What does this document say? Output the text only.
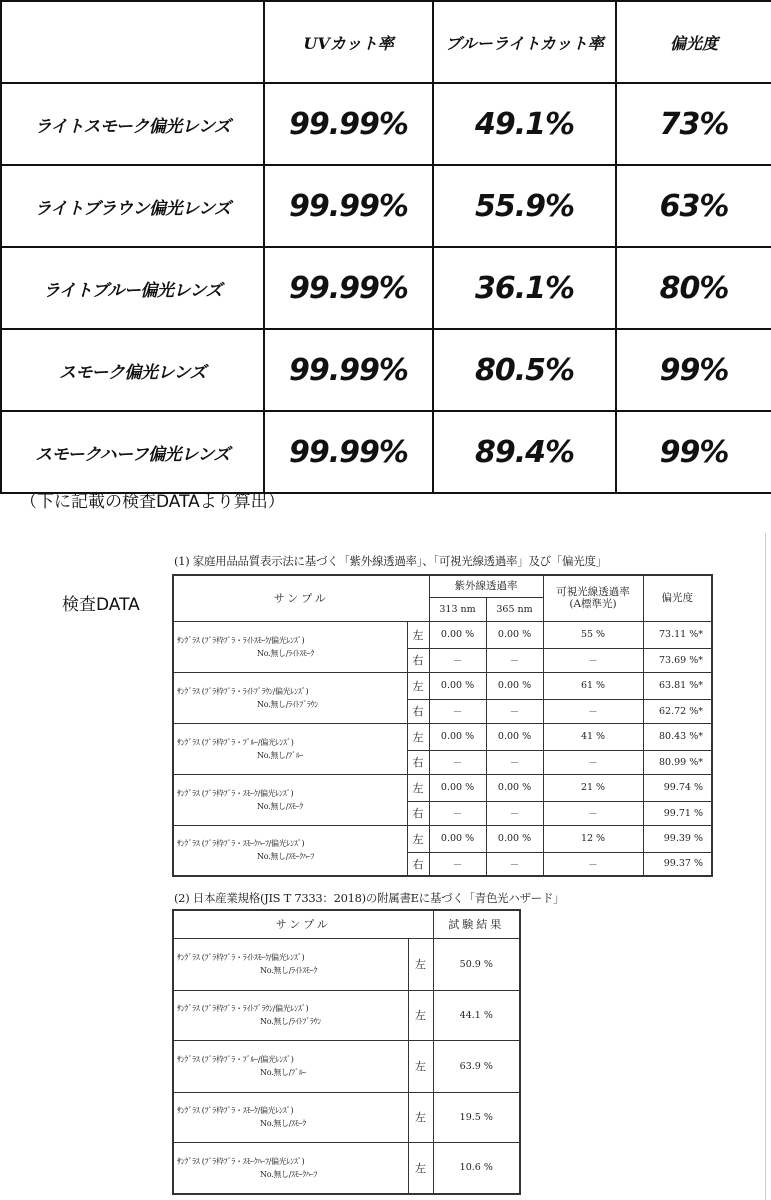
	UVカット率	ブルーライトカット率	偏光度
ライトスモーク偏光レンズ	99.99%	49.1%	73%
ライトブラウン偏光レンズ	99.99%	55.9%	63%
ライトブルー偏光レンズ	99.99%	36.1%	80%
スモーク偏光レンズ	99.99%	80.5%	99%
スモークハーフ偏光レンズ	99.99%	89.4%	99%
（下に記載の検査DATAより算出）
検査DATA
(1) 家庭用品品質表示法に基づく「紫外線透過率」、「可視光線透過率」及び「偏光度」
サンプル		紫外線透過率		可視光線透過率
(A標準光)	偏光度
		313 nm	365 nm		
ｻﾝｸﾞﾗｽ (ﾌﾟﾗ枠ﾌﾟﾗ・ﾗｲﾄｽﾓｰｸ/偏光ﾚﾝｽﾞ)
No.無し/ﾗｲﾄｽﾓｰｸ	左	0.00 %	0.00 %	55 %	73.11 %*
	右	－	－	－	73.69 %*
ｻﾝｸﾞﾗｽ (ﾌﾟﾗ枠ﾌﾟﾗ・ﾗｲﾄﾌﾞﾗｳﾝ/偏光ﾚﾝｽﾞ)
No.無し/ﾗｲﾄﾌﾞﾗｳﾝ	左	0.00 %	0.00 %	61 %	63.81 %*
	右	－	－	－	62.72 %*
ｻﾝｸﾞﾗｽ (ﾌﾟﾗ枠ﾌﾟﾗ・ﾌﾞﾙｰ/偏光ﾚﾝｽﾞ)
No.無し/ﾌﾞﾙｰ	左	0.00 %	0.00 %	41 %	80.43 %*
	右	－	－	－	80.99 %*
ｻﾝｸﾞﾗｽ (ﾌﾟﾗ枠ﾌﾟﾗ・ｽﾓｰｸ/偏光ﾚﾝｽﾞ)
No.無し/ｽﾓｰｸ	左	0.00 %	0.00 %	21 %	99.74 %
	右	－	－	－	99.71 %
ｻﾝｸﾞﾗｽ (ﾌﾟﾗ枠ﾌﾟﾗ・ｽﾓｰｸﾊｰﾌ/偏光ﾚﾝｽﾞ)
No.無し/ｽﾓｰｸﾊｰﾌ	左	0.00 %	0.00 %	12 %	99.39 %
	右	－	－	－	99.37 %
(2) 日本産業規格(JIS T 7333：2018)の附属書Eに基づく「青色光ハザード」
サンプル		試験結果
ｻﾝｸﾞﾗｽ (ﾌﾟﾗ枠ﾌﾟﾗ・ﾗｲﾄｽﾓｰｸ/偏光ﾚﾝｽﾞ)
No.無し/ﾗｲﾄｽﾓｰｸ	左	50.9 %
ｻﾝｸﾞﾗｽ (ﾌﾟﾗ枠ﾌﾟﾗ・ﾗｲﾄﾌﾞﾗｳﾝ/偏光ﾚﾝｽﾞ)
No.無し/ﾗｲﾄﾌﾞﾗｳﾝ	左	44.1 %
ｻﾝｸﾞﾗｽ (ﾌﾟﾗ枠ﾌﾟﾗ・ﾌﾞﾙｰ/偏光ﾚﾝｽﾞ)
No.無し/ﾌﾞﾙｰ	左	63.9 %
ｻﾝｸﾞﾗｽ (ﾌﾟﾗ枠ﾌﾟﾗ・ｽﾓｰｸ/偏光ﾚﾝｽﾞ)
No.無し/ｽﾓｰｸ	左	19.5 %
ｻﾝｸﾞﾗｽ (ﾌﾟﾗ枠ﾌﾟﾗ・ｽﾓｰｸﾊｰﾌ/偏光ﾚﾝｽﾞ)
No.無し/ｽﾓｰｸﾊｰﾌ	左	10.6 %
